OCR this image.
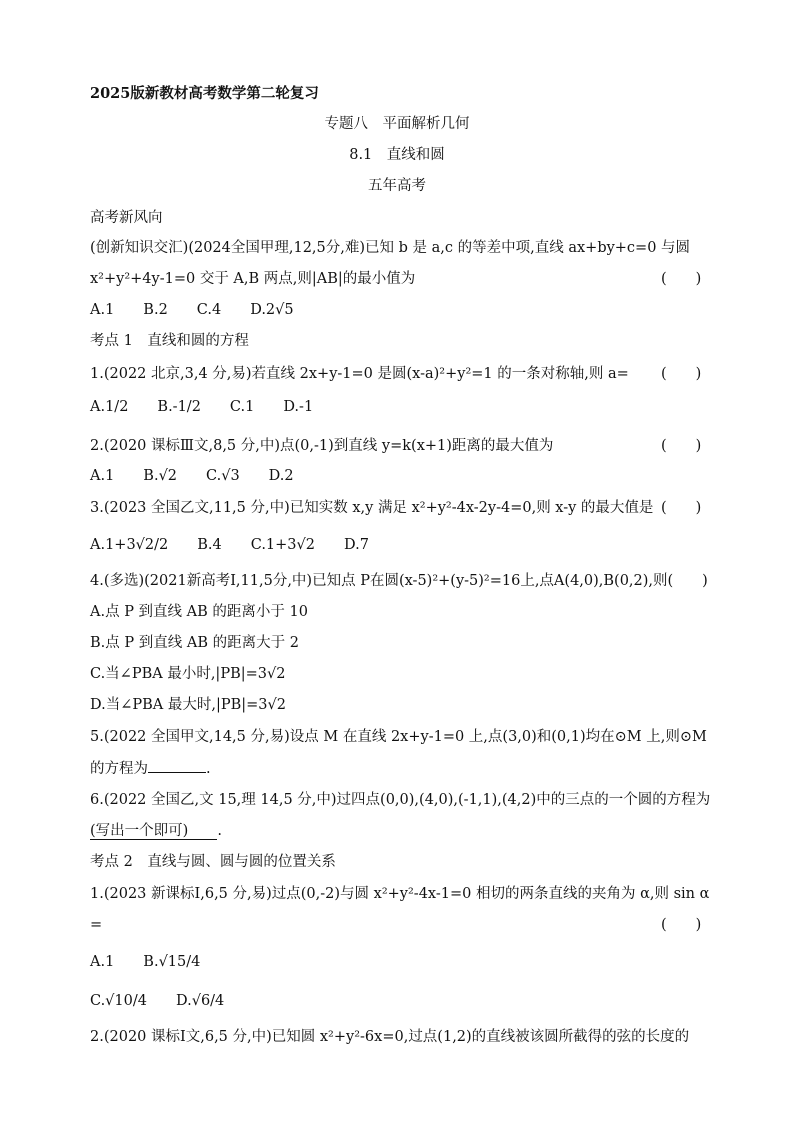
2025版新教材高考数学第二轮复习
专题八　平面解析几何
8.1　直线和圆
五年高考
高考新风向
(创新知识交汇)(2024全国甲理,12,5分,难)已知 b 是 a,c 的等差中项,直线 ax+by+c=0 与圆
x²+y²+4y-1=0 交于 A,B 两点,则|AB|的最小值为	(　　)
A.1　　B.2　　C.4　　D.2√5
考点 1　直线和圆的方程
1.(2022 北京,3,4 分,易)若直线 2x+y-1=0 是圆(x-a)²+y²=1 的一条对称轴,则 a= (　　)
A.1/2　　B.-1/2　　C.1　　D.-1
2.(2020 课标Ⅲ文,8,5 分,中)点(0,-1)到直线 y=k(x+1)距离的最大值为	(　　)
A.1　　B.√2　　C.√3　　D.2
3.(2023 全国乙文,11,5 分,中)已知实数 x,y 满足 x²+y²-4x-2y-4=0,则 x-y 的最大值是 (　　)
A.1+3√2/2　　B.4　　C.1+3√2　　D.7
4.(多选)(2021新高考Ⅰ,11,5分,中)已知点 P在圆(x-5)²+(y-5)²=16上,点A(4,0),B(0,2),则(　　)
A.点 P 到直线 AB 的距离小于 10
B.点 P 到直线 AB 的距离大于 2
C.当∠PBA 最小时,|PB|=3√2
D.当∠PBA 最大时,|PB|=3√2
5.(2022 全国甲文,14,5 分,易)设点 M 在直线 2x+y-1=0 上,点(3,0)和(0,1)均在⊙M 上,则⊙M
的方程为	.
6.(2022 全国乙,文 15,理 14,5 分,中)过四点(0,0),(4,0),(-1,1),(4,2)中的三点的一个圆的方程为
(写出一个即可)　　 .
考点 2　直线与圆、圆与圆的位置关系
1.(2023 新课标Ⅰ,6,5 分,易)过点(0,-2)与圆 x²+y²-4x-1=0 相切的两条直线的夹角为 α,则 sin α
=	(　　)
A.1　　B.√15/4
C.√10/4　　D.√6/4
2.(2020 课标Ⅰ文,6,5 分,中)已知圆 x²+y²-6x=0,过点(1,2)的直线被该圆所截得的弦的长度的
